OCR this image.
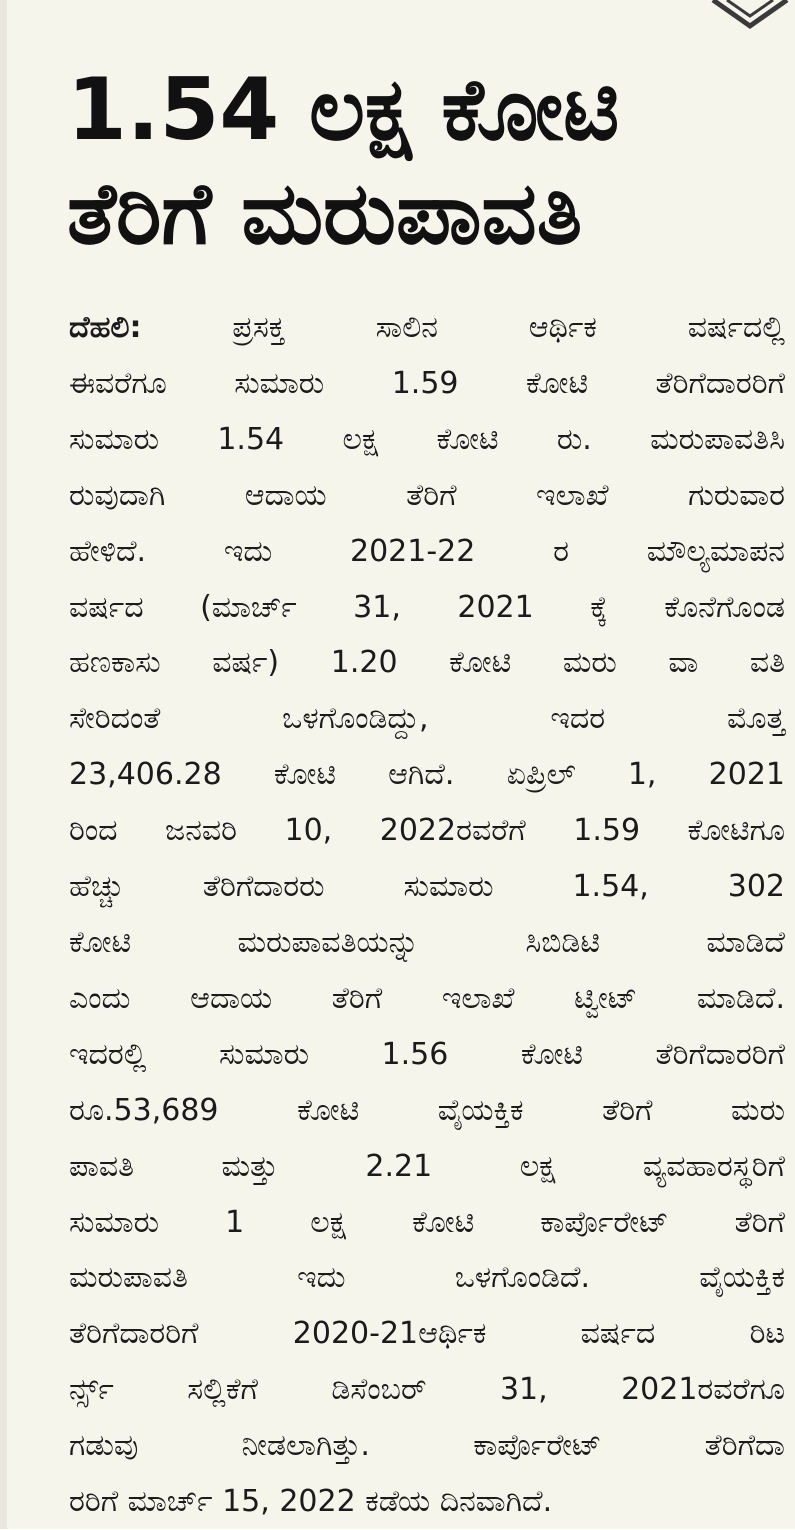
1.54 ಲಕ್ಷ ಕೋಟಿ
ತೆರಿಗೆ ಮರುಪಾವತಿ
ದೆಹಲಿ:	ಪ್ರಸಕ್ತ ಸಾಲಿನ ಆರ್ಥಿಕ ವರ್ಷದಲ್ಲಿ
ಈವರೆಗೂ ಸುಮಾರು 1.59 ಕೋಟಿ ತೆರಿಗೆದಾರರಿಗೆ
ಸುಮಾರು 1.54 ಲಕ್ಷ ಕೋಟಿ ರು. ಮರುಪಾವತಿಸಿ
ರುವುದಾಗಿ ಆದಾಯ ತೆರಿಗೆ ಇಲಾಖೆ ಗುರುವಾರ
ಹೇಳಿದೆ. ಇದು 2021-22 ರ ಮೌಲ್ಯಮಾಪನ
ವರ್ಷದ (ಮಾರ್ಚ್ 31, 2021 ಕ್ಕೆ ಕೊನೆಗೊಂಡ
ಹಣಕಾಸು ವರ್ಷ) 1.20 ಕೋಟಿ ಮರು ವಾ ವತಿ
ಸೇರಿದಂತೆ ಒಳಗೊಂಡಿದ್ದು, ಇದರ ಮೊತ್ತ
23,406.28 ಕೋಟಿ ಆಗಿದೆ. ಏಪ್ರಿಲ್ 1, 2021
ರಿಂದ ಜನವರಿ 10, 2022ರವರೆಗೆ 1.59 ಕೋಟಿಗೂ
ಹೆಚ್ಚು ತೆರಿಗೆದಾರರು ಸುಮಾರು 1.54, 302
ಕೋಟಿ ಮರುಪಾವತಿಯನ್ನು ಸಿಬಿಡಿಟಿ ಮಾಡಿದೆ
ಎಂದು ಆದಾಯ ತೆರಿಗೆ ಇಲಾಖೆ ಟ್ವೀಟ್ ಮಾಡಿದೆ.
ಇದರಲ್ಲಿ ಸುಮಾರು 1.56 ಕೋಟಿ ತೆರಿಗೆದಾರರಿಗೆ
ರೂ.53,689 ಕೋಟಿ ವೈಯಕ್ತಿಕ ತೆರಿಗೆ ಮರು
ಪಾವತಿ ಮತ್ತು 2.21 ಲಕ್ಷ ವ್ಯವಹಾರಸ್ಥರಿಗೆ
ಸುಮಾರು 1 ಲಕ್ಷ ಕೋಟಿ ಕಾರ್ಪೊರೇಟ್ ತೆರಿಗೆ
ಮರುಪಾವತಿ ಇದು ಒಳಗೊಂಡಿದೆ. ವೈಯಕ್ತಿಕ
ತೆರಿಗೆದಾರರಿಗೆ 2020-21ಆರ್ಥಿಕ ವರ್ಷದ ರಿಟ
ರ್ನ್ಸ್ ಸಲ್ಲಿಕೆಗೆ ಡಿಸೆಂಬರ್ 31, 2021ರವರೆಗೂ
ಗಡುವು ನೀಡಲಾಗಿತ್ತು. ಕಾರ್ಪೊರೇಟ್ ತೆರಿಗೆದಾ
ರರಿಗೆ ಮಾರ್ಚ್ 15, 2022 ಕಡೆಯ ದಿನವಾಗಿದೆ.
